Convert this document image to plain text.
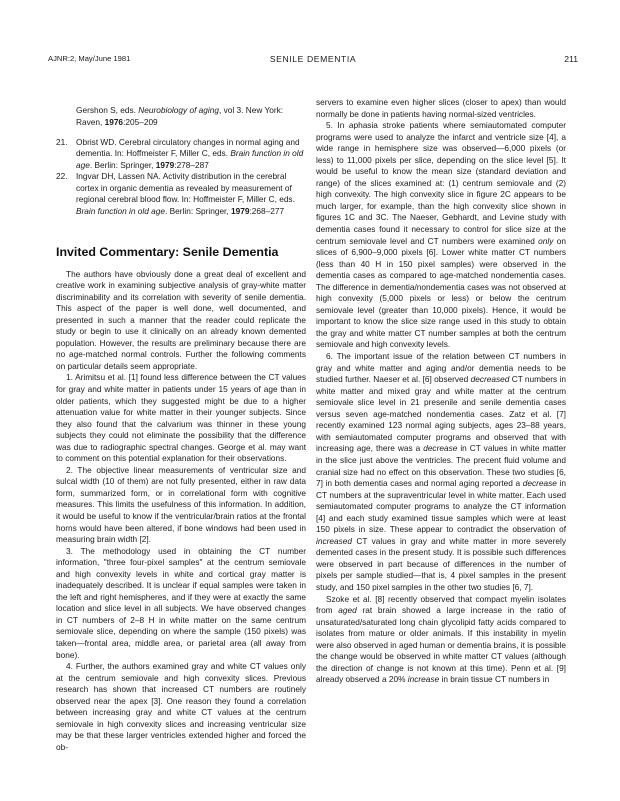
AJNR:2, May/June 1981	SENILE DEMENTIA	211

Gershon S, eds. Neurobiology of aging, vol 3. New York: Raven, 1976:205–209

21. Obrist WD. Cerebral circulatory changes in normal aging and dementia. In: Hoffmeister F, Miller C, eds. Brain function in old age. Berlin: Springer, 1979:278–287

22. Ingvar DH, Lassen NA. Activity distribution in the cerebral cortex in organic dementia as revealed by measurement of regional cerebral blood flow. In: Hoffmeister F, Miller C, eds. Brain function in old age. Berlin: Springer, 1979:268–277

Invited Commentary: Senile Dementia

The authors have obviously done a great deal of excellent and creative work in examining subjective analysis of gray-white matter discriminability and its correlation with severity of senile dementia. This aspect of the paper is well done, well documented, and presented in such a manner that the reader could replicate the study or begin to use it clinically on an already known demented population. However, the results are preliminary because there are no age-matched normal controls. Further the following comments on particular details seem appropriate.

1. Arimitsu et al. [1] found less difference between the CT values for gray and white matter in patients under 15 years of age than in older patients, which they suggested might be due to a higher attenuation value for white matter in their younger subjects. Since they also found that the calvarium was thinner in these young subjects they could not eliminate the possibility that the difference was due to radiographic spectral changes. George et al. may want to comment on this potential explanation for their observations.

2. The objective linear measurements of ventricular size and sulcal width (10 of them) are not fully presented, either in raw data form, summarized form, or in correlational form with cognitive measures. This limits the usefulness of this information. In addition, it would be useful to know if the ventricular/brain ratios at the frontal horns would have been altered, if bone windows had been used in measuring brain width [2].

3. The methodology used in obtaining the CT number information, "three four-pixel samples" at the centrum semiovale and high convexity levels in white and cortical gray matter is inadequately described. It is unclear if equal samples were taken in the left and right hemispheres, and if they were at exactly the same location and slice level in all subjects. We have observed changes in CT numbers of 2–8 H in white matter on the same centrum semiovale slice, depending on where the sample (150 pixels) was taken—frontal area, middle area, or parietal area (all away from bone).

4. Further, the authors examined gray and white CT values only at the centrum semiovale and high convexity slices. Previous research has shown that increased CT numbers are routinely observed near the apex [3]. One reason they found a correlation between increasing gray and white CT values at the centrum semiovale in high convexity slices and increasing ventricular size may be that these larger ventricles extended higher and forced the ob-

servers to examine even higher slices (closer to apex) than would normally be done in patients having normal-sized ventricles.

5. In aphasia stroke patients where semiautomated computer programs were used to analyze the infarct and ventricle size [4], a wide range in hemisphere size was observed—6,000 pixels (or less) to 11,000 pixels per slice, depending on the slice level [5]. It would be useful to know the mean size (standard deviation and range) of the slices examined at: (1) centrum semiovale and (2) high convexity. The high convexity slice in figure 2C appears to be much larger, for example, than the high convexity slice shown in figures 1C and 3C. The Naeser, Gebhardt, and Levine study with dementia cases found it necessary to control for slice size at the centrum semiovale level and CT numbers were examined only on slices of 6,900–9,000 pixels [6]. Lower white matter CT numbers (less than 40 H in 150 pixel samples) were observed in the dementia cases as compared to age-matched nondementia cases. The difference in dementia/nondementia cases was not observed at high convexity (5,000 pixels or less) or below the centrum semiovale level (greater than 10,000 pixels). Hence, it would be important to know the slice size range used in this study to obtain the gray and white matter CT number samples at both the centrum semiovale and high convexity levels.

6. The important issue of the relation between CT numbers in gray and white matter and aging and/or dementia needs to be studied further. Naeser et al. [6] observed decreased CT numbers in white matter and mixed gray and white matter at the centrum semiovale slice level in 21 presenile and senile dementia cases versus seven age-matched nondementia cases. Zatz et al. [7] recently examined 123 normal aging subjects, ages 23–88 years, with semiautomated computer programs and observed that with increasing age, there was a decrease in CT values in white matter in the slice just above the ventricles. The precent fluid volume and cranial size had no effect on this observation. These two studies [6, 7] in both dementia cases and normal aging reported a decrease in CT numbers at the supraventricular level in white matter. Each used semiautomated computer programs to analyze the CT information [4] and each study examined tissue samples which were at least 150 pixels in size. These appear to contradict the observation of increased CT values in gray and white matter in more severely demented cases in the present study. It is possible such differences were observed in part because of differences in the number of pixels per sample studied—that is, 4 pixel samples in the present study, and 150 pixel samples in the other two studies [6, 7].

Szoke et al. [8] recently observed that compact myelin isolates from aged rat brain showed a large increase in the ratio of unsaturated/saturated long chain glycolipid fatty acids compared to isolates from mature or older animals. If this instability in myelin were also observed in aged human or dementia brains, it is possible the change would be observed in white matter CT values (although the direction of change is not known at this time). Penn et al. [9] already observed a 20% increase in brain tissue CT numbers in
